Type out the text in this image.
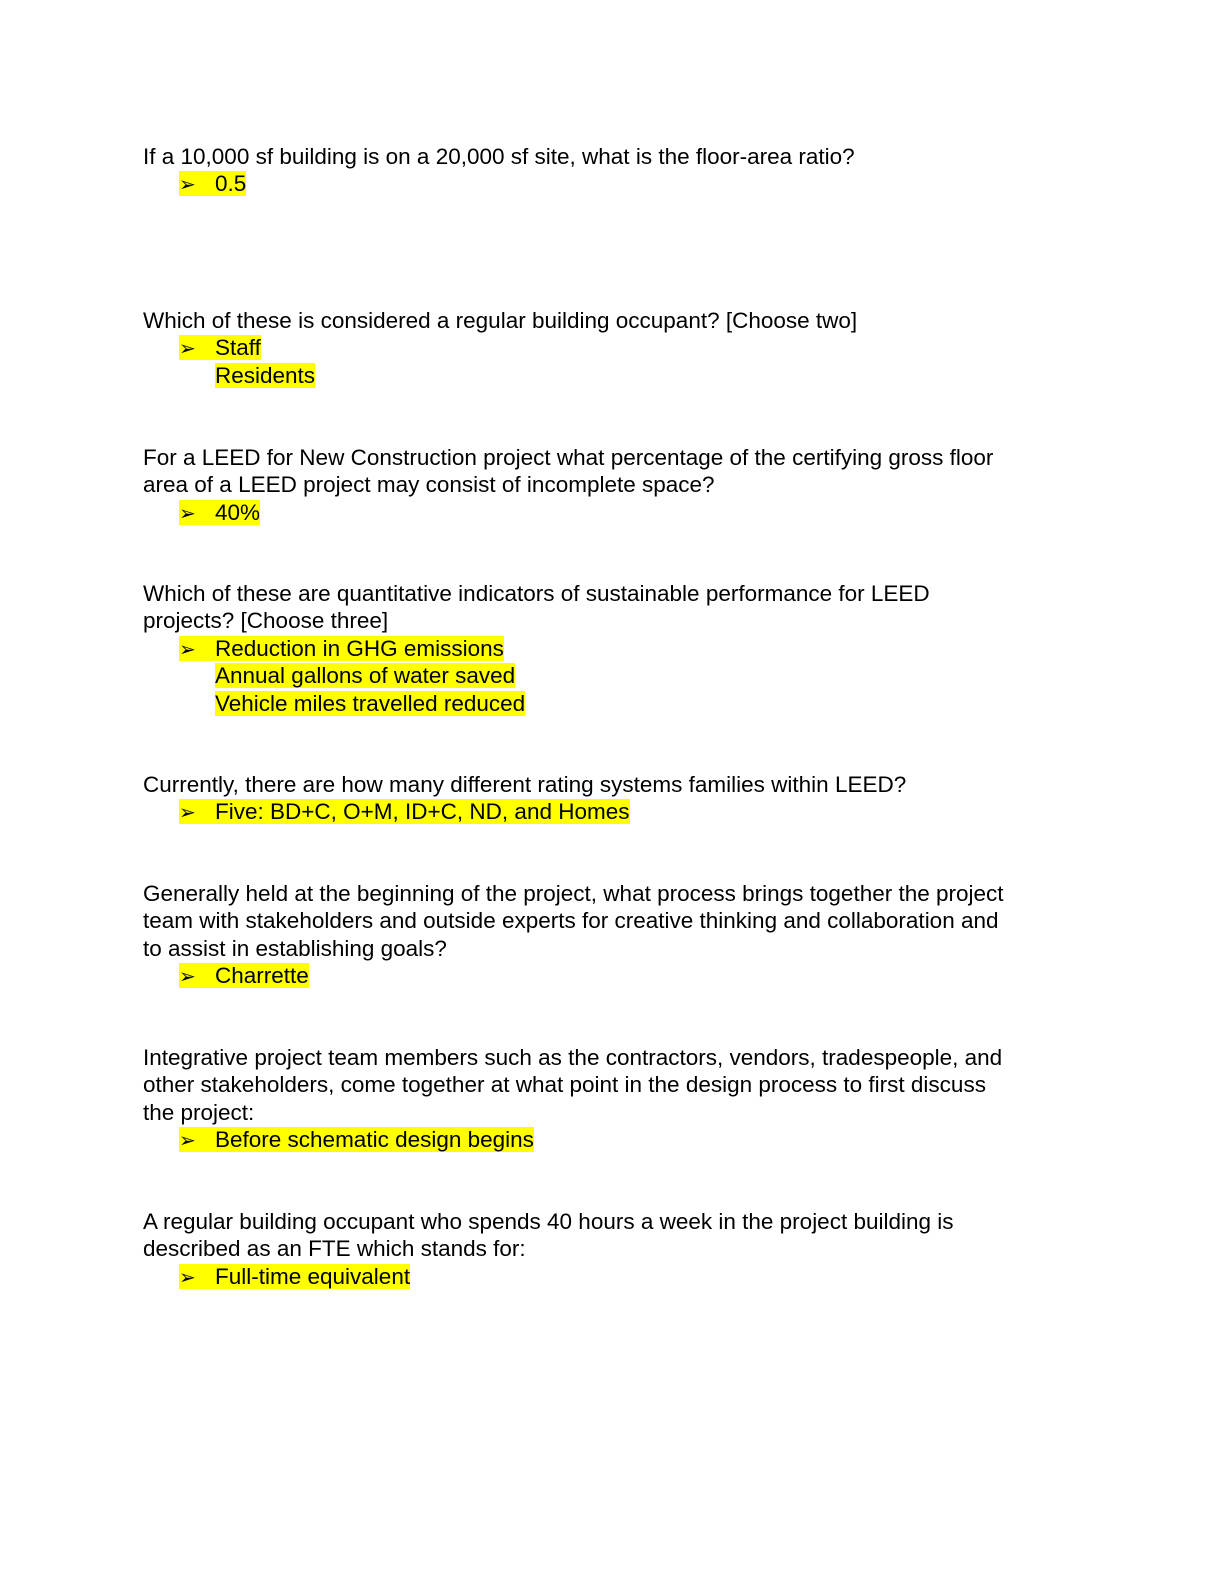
If a 10,000 sf building is on a 20,000 sf site, what is the floor-area ratio?
➢ 0.5
Which of these is considered a regular building occupant? [Choose two]
➢ Staff
Residents
For a LEED for New Construction project what percentage of the certifying gross floor
area of a LEED project may consist of incomplete space?
➢ 40%
Which of these are quantitative indicators of sustainable performance for LEED
projects? [Choose three]
➢ Reduction in GHG emissions
Annual gallons of water saved
Vehicle miles travelled reduced
Currently, there are how many different rating systems families within LEED?
➢ Five: BD+C, O+M, ID+C, ND, and Homes
Generally held at the beginning of the project, what process brings together the project
team with stakeholders and outside experts for creative thinking and collaboration and
to assist in establishing goals?
➢ Charrette
Integrative project team members such as the contractors, vendors, tradespeople, and
other stakeholders, come together at what point in the design process to first discuss
the project:
➢ Before schematic design begins
A regular building occupant who spends 40 hours a week in the project building is
described as an FTE which stands for:
➢ Full-time equivalent
